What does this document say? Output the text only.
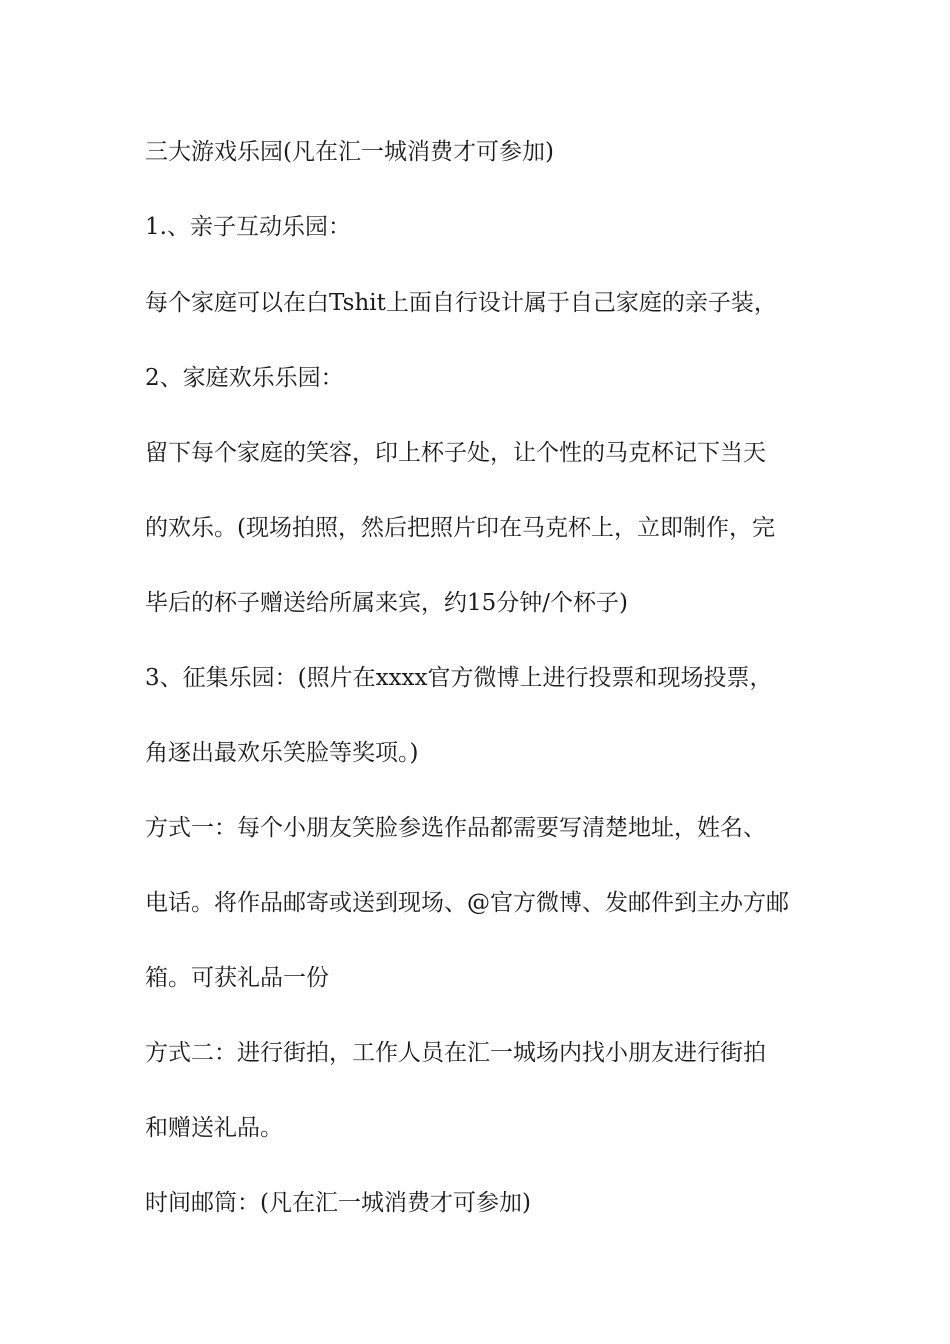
三大游戏乐园(凡在汇一城消费才可参加)
1.、亲子互动乐园：
每个家庭可以在白Tshit上面自行设计属于自己家庭的亲子装，
2、家庭欢乐乐园：
留下每个家庭的笑容，印上杯子处，让个性的马克杯记下当天
的欢乐。(现场拍照，然后把照片印在马克杯上，立即制作，完
毕后的杯子赠送给所属来宾，约15分钟/个杯子)
3、征集乐园：(照片在xxxx官方微博上进行投票和现场投票，
角逐出最欢乐笑脸等奖项。)
方式一：每个小朋友笑脸参选作品都需要写清楚地址，姓名、
电话。将作品邮寄或送到现场、@官方微博、发邮件到主办方邮
箱。可获礼品一份
方式二：进行街拍，工作人员在汇一城场内找小朋友进行街拍
和赠送礼品。
时间邮筒：(凡在汇一城消费才可参加)
